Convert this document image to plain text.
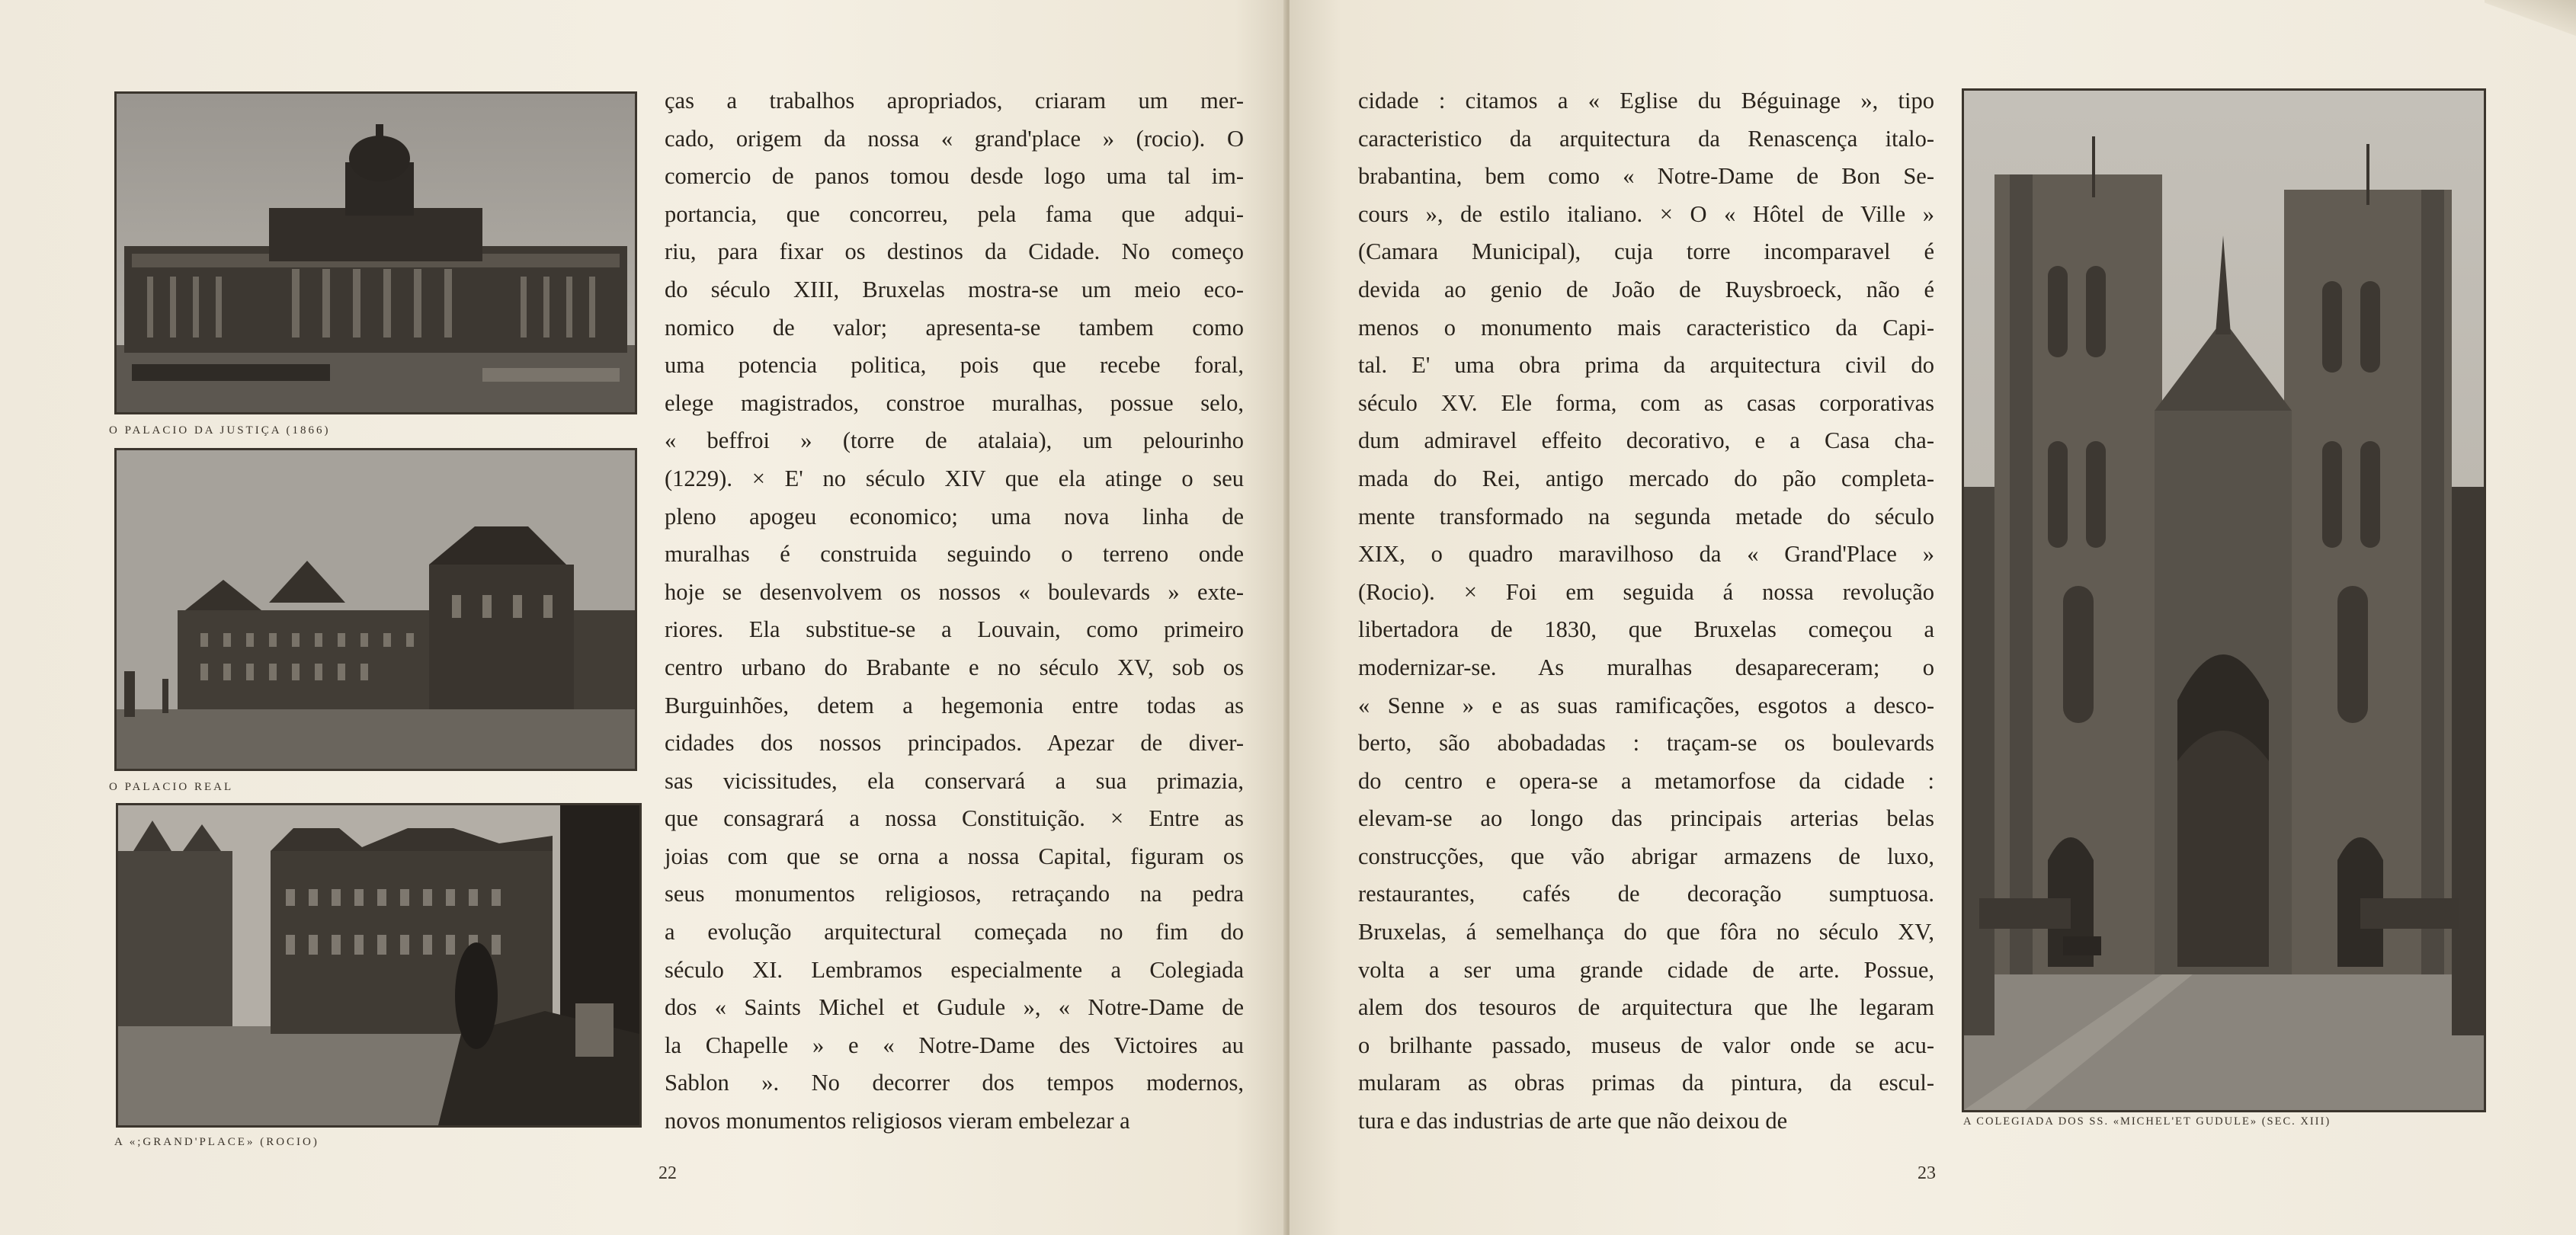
O PALACIO DA JUSTIÇA (1866)
O PALACIO REAL
A «;GRAND'PLACE» (ROCIO)
ças a trabalhos apropriados, criaram um mer-
cado, origem da nossa « grand'place » (rocio). O
comercio de panos tomou desde logo uma tal im-
portancia, que concorreu, pela fama que adqui-
riu, para fixar os destinos da Cidade. No começo
do século XIII, Bruxelas mostra-se um meio eco-
nomico de valor; apresenta-se tambem como
uma potencia politica, pois que recebe foral,
elege magistrados, constroe muralhas, possue selo,
« beffroi » (torre de atalaia), um pelourinho
(1229). × E' no século XIV que ela atinge o seu
pleno apogeu economico; uma nova linha de
muralhas é construida seguindo o terreno onde
hoje se desenvolvem os nossos « boulevards » exte-
riores. Ela substitue-se a Louvain, como primeiro
centro urbano do Brabante e no século XV, sob os
Burguinhões, detem a hegemonia entre todas as
cidades dos nossos principados. Apezar de diver-
sas vicissitudes, ela conservará a sua primazia,
que consagrará a nossa Constituição. × Entre as
joias com que se orna a nossa Capital, figuram os
seus monumentos religiosos, retraçando na pedra
a evolução arquitectural começada no fim do
século XI. Lembramos especialmente a Colegiada
dos « Saints Michel et Gudule », « Notre-Dame de
la Chapelle » e « Notre-Dame des Victoires au
Sablon ». No decorrer dos tempos modernos,
novos monumentos religiosos vieram embelezar a
22
cidade : citamos a « Eglise du Béguinage », tipo
caracteristico da arquitectura da Renascença italo-
brabantina, bem como « Notre-Dame de Bon Se-
cours », de estilo italiano. × O « Hôtel de Ville »
(Camara Municipal), cuja torre incomparavel é
devida ao genio de João de Ruysbroeck, não é
menos o monumento mais caracteristico da Capi-
tal. E' uma obra prima da arquitectura civil do
século XV. Ele forma, com as casas corporativas
dum admiravel effeito decorativo, e a Casa cha-
mada do Rei, antigo mercado do pão completa-
mente transformado na segunda metade do século
XIX, o quadro maravilhoso da « Grand'Place »
(Rocio). × Foi em seguida á nossa revolução
libertadora de 1830, que Bruxelas começou a
modernizar-se. As muralhas desapareceram; o
« Senne » e as suas ramificações, esgotos a desco-
berto, são abobadadas : traçam-se os boulevards
do centro e opera-se a metamorfose da cidade :
elevam-se ao longo das principais arterias belas
construcções, que vão abrigar armazens de luxo,
restaurantes, cafés de decoração sumptuosa.
Bruxelas, á semelhança do que fôra no século XV,
volta a ser uma grande cidade de arte. Possue,
alem dos tesouros de arquitectura que lhe legaram
o brilhante passado, museus de valor onde se acu-
mularam as obras primas da pintura, da escul-
tura e das industrias de arte que não deixou de	A COLEGIADA DOS SS. «MICHEL'ET GUDULE» (SEC. XIII)
23
